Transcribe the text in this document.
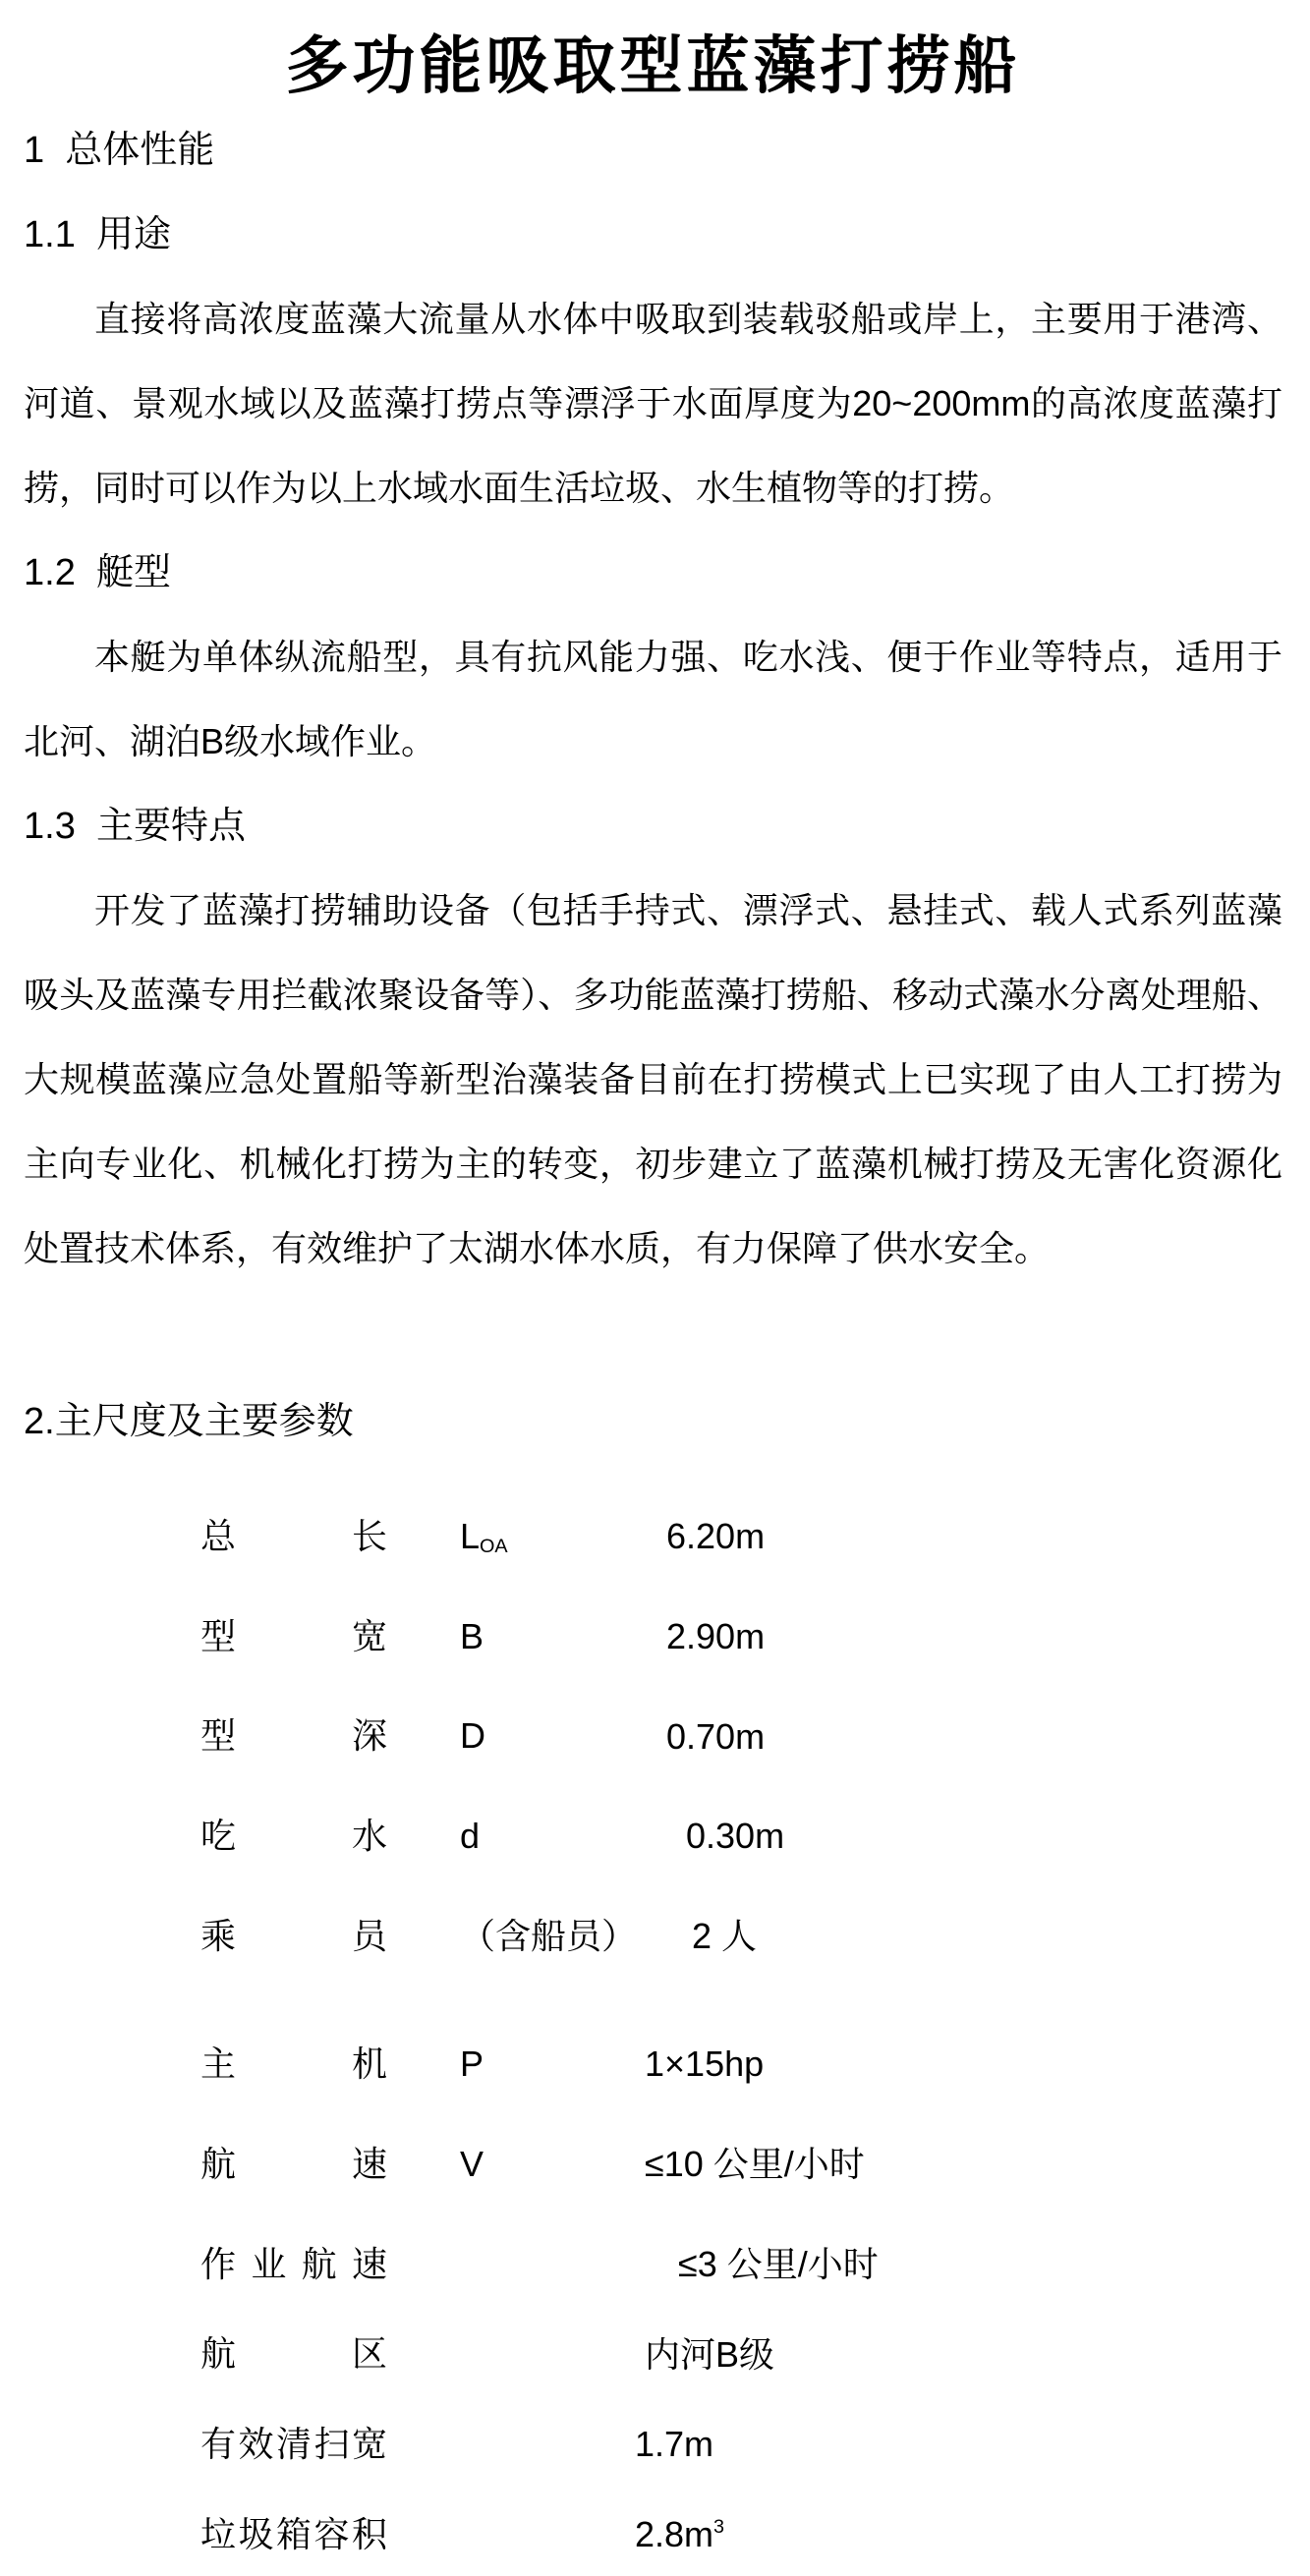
多功能吸取型蓝藻打捞船
1  总体性能
1.1  用途

直接将高浓度蓝藻大流量从水体中吸取到装载驳船或岸上，主要用于港湾、河道、景观水域以及蓝藻打捞点等漂浮于水面厚度为20~200mm的高浓度蓝藻打捞，同时可以作为以上水域水面生活垃圾、水生植物等的打捞。

1.2  艇型

本艇为单体纵流船型，具有抗风能力强、吃水浅、便于作业等特点，适用于北河、湖泊B级水域作业。

1.3  主要特点

开发了蓝藻打捞辅助设备（包括手持式、漂浮式、悬挂式、载人式系列蓝藻吸头及蓝藻专用拦截浓聚设备等）、多功能蓝藻打捞船、移动式藻水分离处理船、大规模蓝藻应急处置船等新型治藻装备目前在打捞模式上已实现了由人工打捞为主向专业化、机械化打捞为主的转变，初步建立了蓝藻机械打捞及无害化资源化处置技术体系，有效维护了太湖水体水质，有力保障了供水安全。

2.主尺度及主要参数
总长 $L_{OA}$	6.20m
型宽 B	2.90m
型深 D	0.70m
吃水 d	0.30m
乘员 （含船员） 2 人
主机 P	1×15hp
航速 V	≤10 公里/小时
作业航速	≤3 公里/小时
航区	内河B级
有效清扫宽	1.7m
垃圾箱容积	$2.8m^3$
